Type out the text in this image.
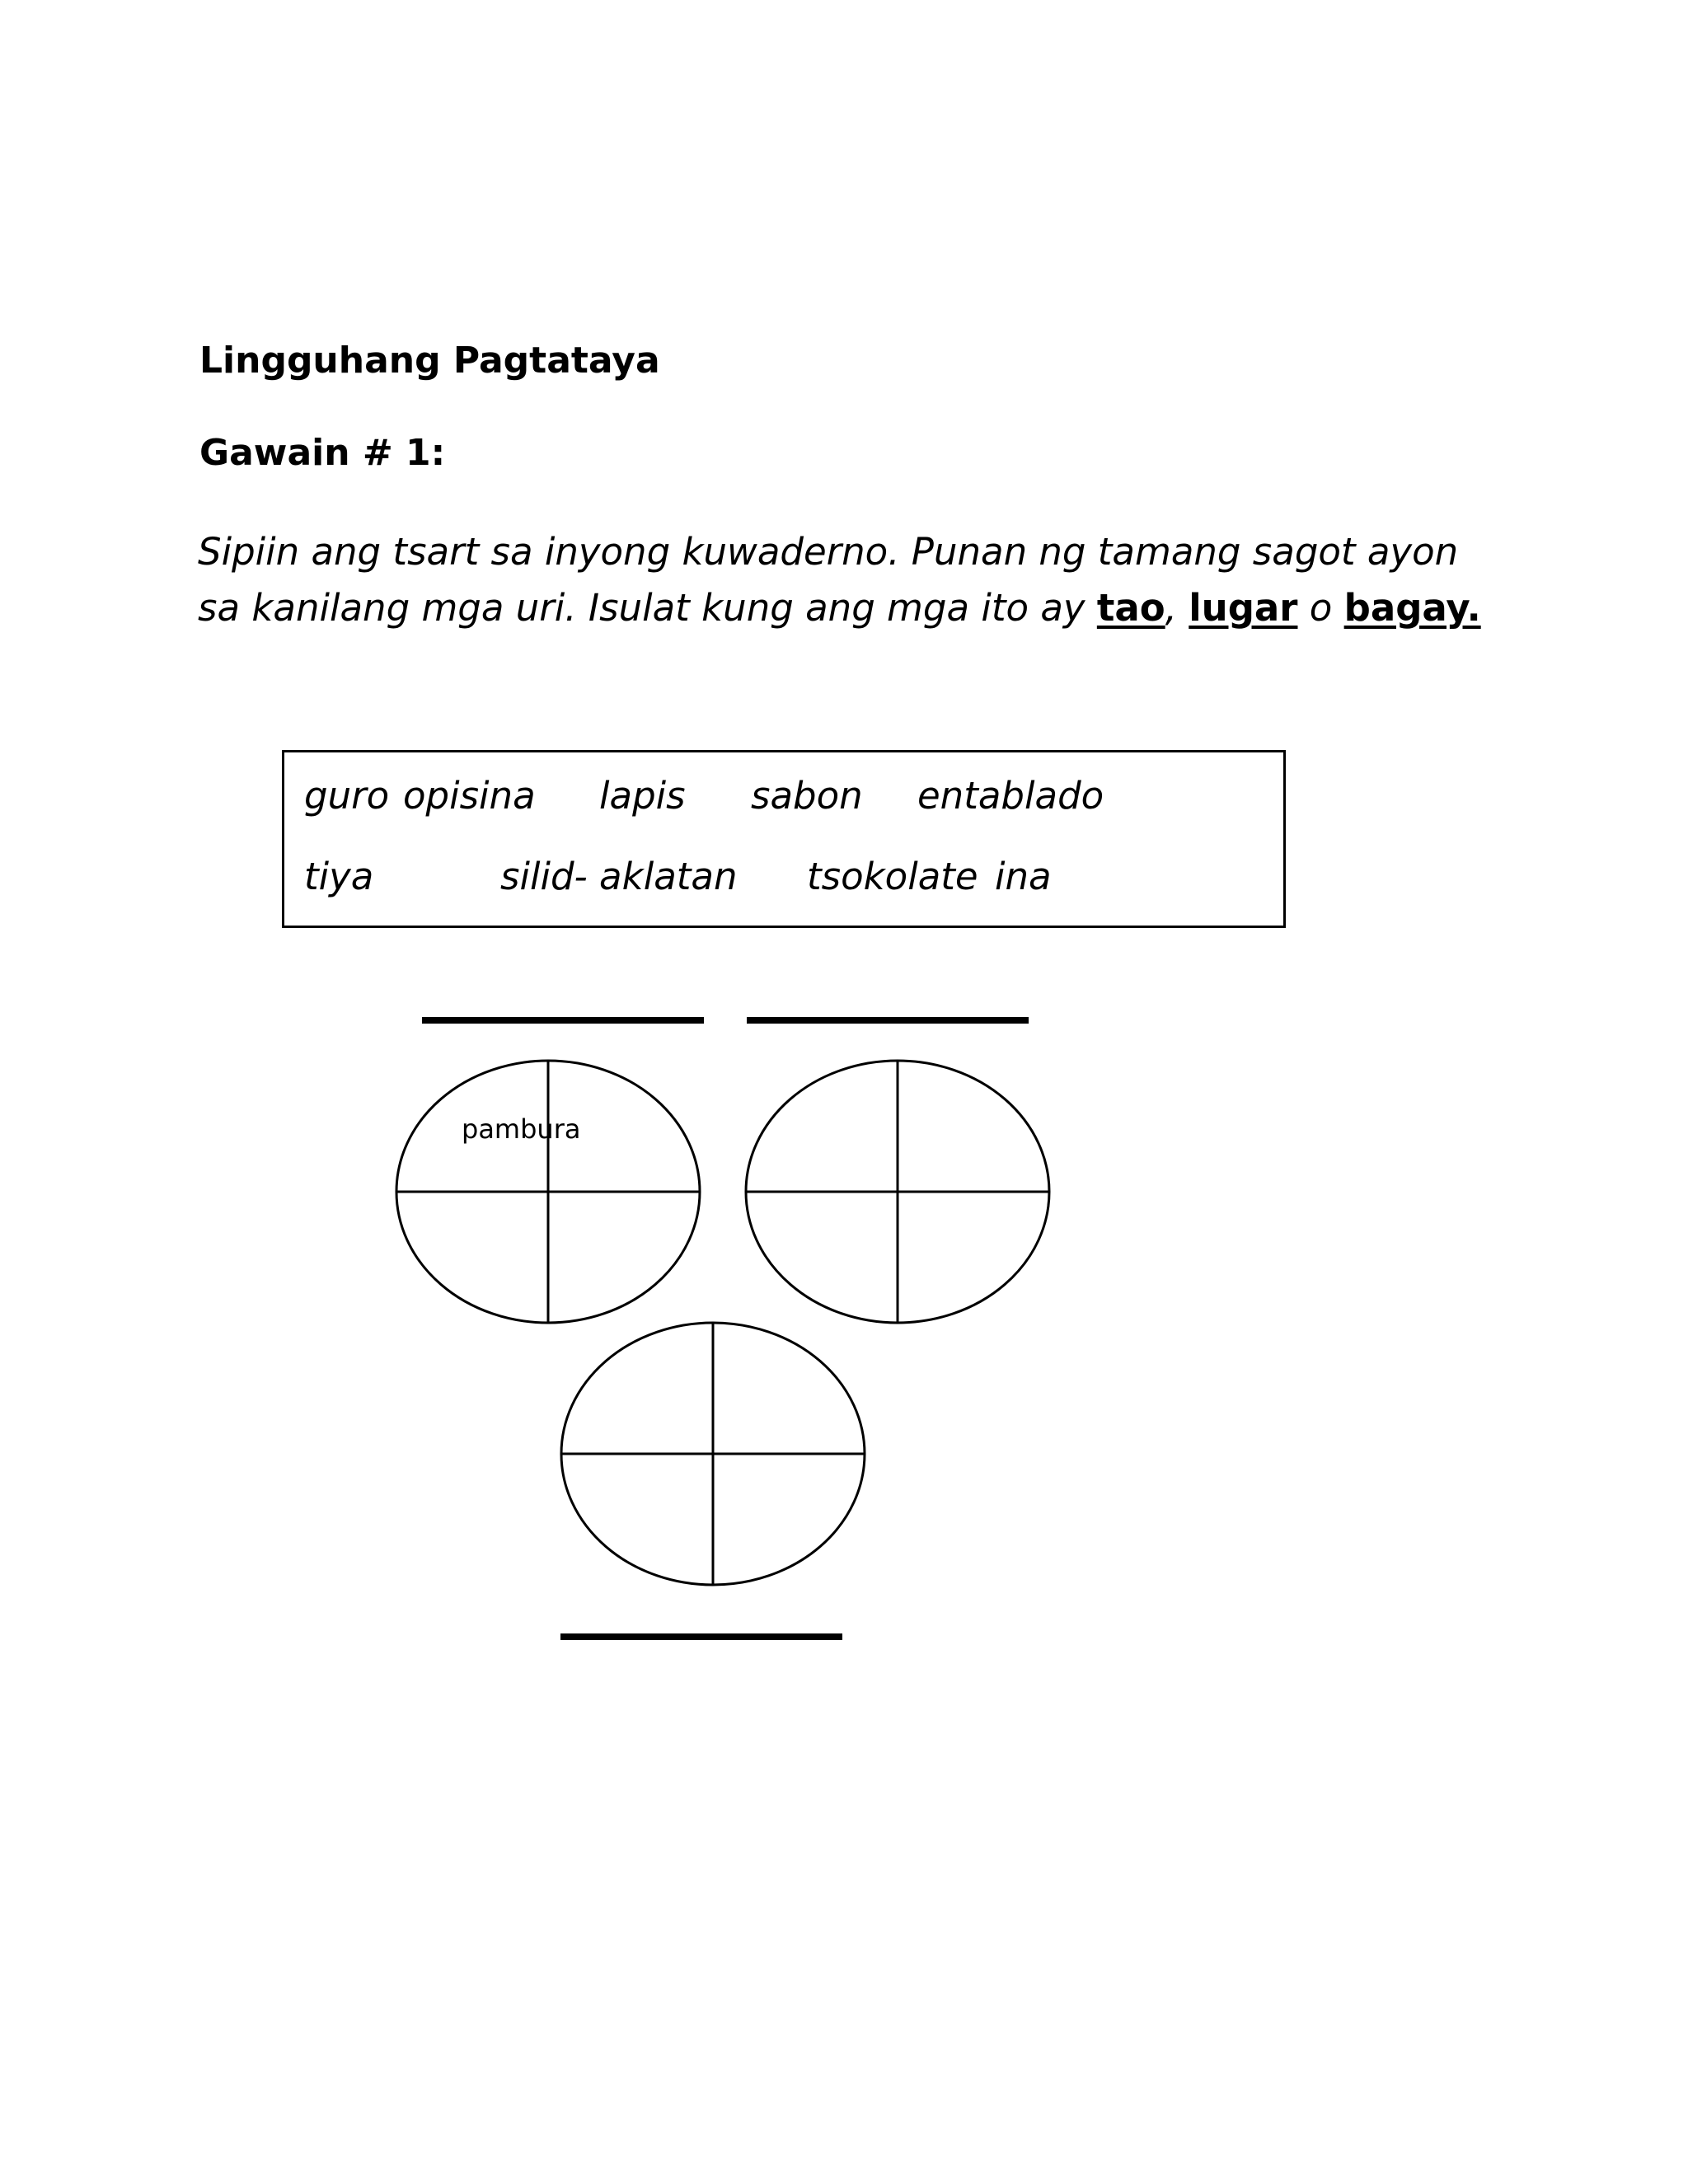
Lingguhang Pagtataya
Gawain # 1:

Sipiin ang tsart sa inyong kuwaderno. Punan ng tamang sagot ayon
sa kanilang mga uri. Isulat kung ang mga ito ay tao, lugar o bagay.

guro opisina lapis sabon entablado
tiya	silid- aklatan tsokolate ina
pambura
